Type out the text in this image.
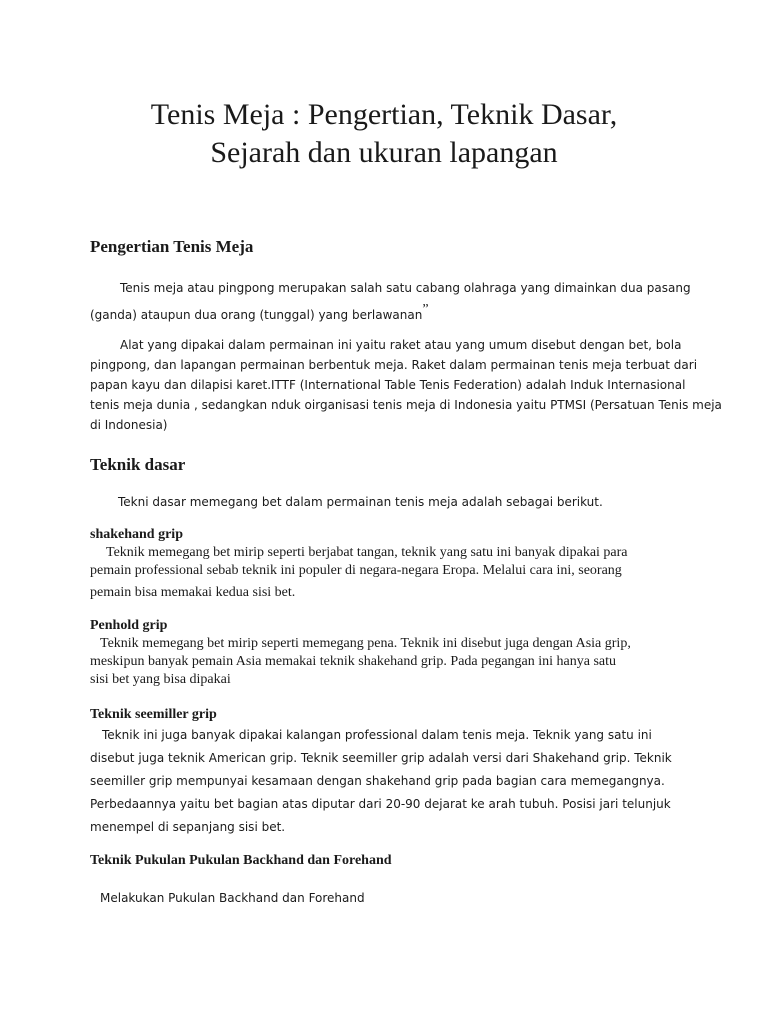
Tenis Meja : Pengertian, Teknik Dasar,
Sejarah dan ukuran lapangan
Pengertian Tenis Meja
Tenis meja atau pingpong merupakan salah satu cabang olahraga yang dimainkan dua pasang
(ganda) ataupun dua orang (tunggal) yang berlawanan”
Alat yang dipakai dalam permainan ini yaitu raket atau yang umum disebut dengan bet, bola
pingpong, dan lapangan permainan berbentuk meja. Raket dalam permainan tenis meja terbuat dari
papan kayu dan dilapisi karet.ITTF (International Table Tenis Federation) adalah Induk Internasional
tenis meja dunia , sedangkan nduk oirganisasi tenis meja di Indonesia yaitu PTMSI (Persatuan Tenis meja
di Indonesia)
Teknik dasar
Tekni dasar memegang bet dalam permainan tenis meja adalah sebagai berikut.
shakehand grip
Teknik memegang bet mirip seperti berjabat tangan, teknik yang satu ini banyak dipakai para
pemain professional sebab teknik ini populer di negara-negara Eropa. Melalui cara ini, seorang
pemain bisa memakai kedua sisi bet.
Penhold grip
Teknik memegang bet mirip seperti memegang pena. Teknik ini disebut juga dengan Asia grip,
meskipun banyak pemain Asia memakai teknik shakehand grip. Pada pegangan ini hanya satu
sisi bet yang bisa dipakai
Teknik seemiller grip
Teknik ini juga banyak dipakai kalangan professional dalam tenis meja. Teknik yang satu ini
disebut juga teknik American grip. Teknik seemiller grip adalah versi dari Shakehand grip. Teknik
seemiller grip mempunyai kesamaan dengan shakehand grip pada bagian cara memegangnya.
Perbedaannya yaitu bet bagian atas diputar dari 20-90 dejarat ke arah tubuh. Posisi jari telunjuk
menempel di sepanjang sisi bet.
Teknik Pukulan Pukulan Backhand dan Forehand
Melakukan Pukulan Backhand dan Forehand
